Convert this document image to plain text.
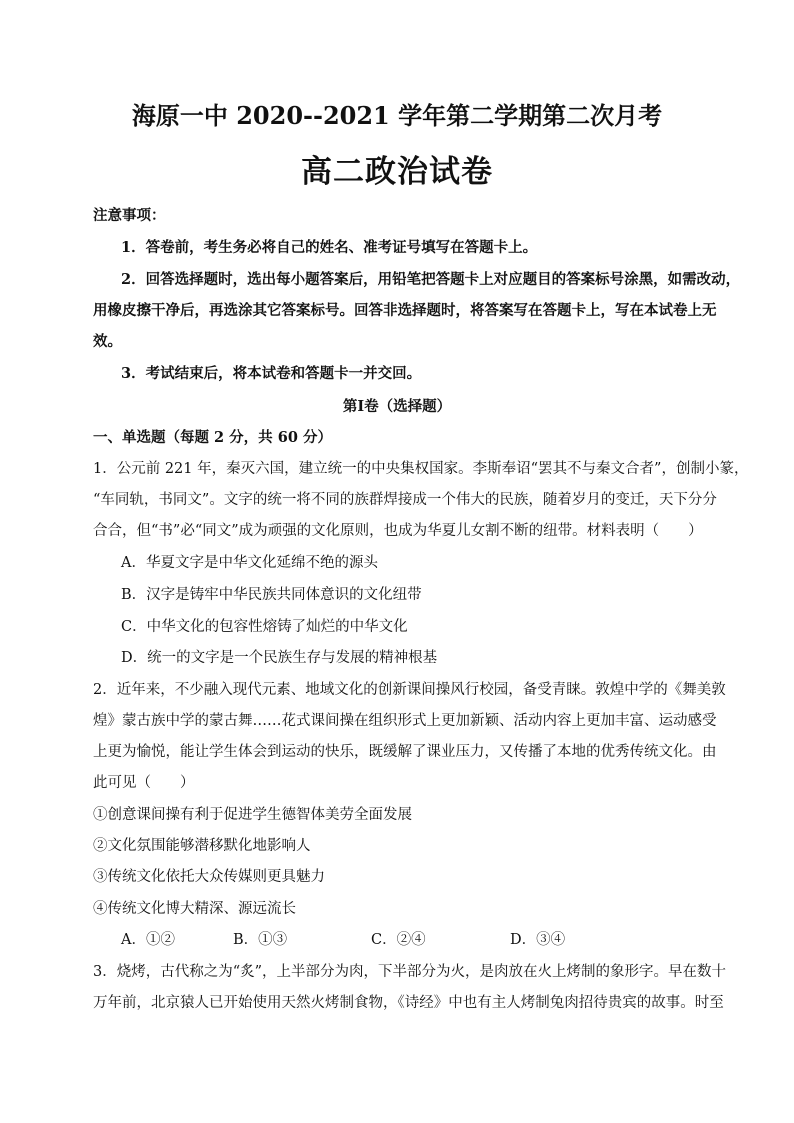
海原一中 2020--2021 学年第二学期第二次月考
高二政治试卷
注意事项：
1．答卷前，考生务必将自己的姓名、准考证号填写在答题卡上。
2．回答选择题时，选出每小题答案后，用铅笔把答题卡上对应题目的答案标号涂黑，如需改动，
用橡皮擦干净后，再选涂其它答案标号。回答非选择题时，将答案写在答题卡上，写在本试卷上无
效。
3．考试结束后，将本试卷和答题卡一并交回。
第I卷（选择题）
一、单选题（每题 2 分，共 60 分）
1．公元前 221 年，秦灭六国，建立统一的中央集权国家。李斯奉诏“罢其不与秦文合者”，创制小篆，
“车同轨，书同文”。文字的统一将不同的族群焊接成一个伟大的民族，随着岁月的变迁，天下分分
合合，但“书”必“同文”成为顽强的文化原则，也成为华夏儿女割不断的纽带。材料表明（　　）
A．华夏文字是中华文化延绵不绝的源头
B．汉字是铸牢中华民族共同体意识的文化纽带
C．中华文化的包容性熔铸了灿烂的中华文化
D．统一的文字是一个民族生存与发展的精神根基
2．近年来，不少融入现代元素、地域文化的创新课间操风行校园，备受青睐。敦煌中学的《舞美敦
煌》蒙古族中学的蒙古舞……花式课间操在组织形式上更加新颖、活动内容上更加丰富、运动感受
上更为愉悦，能让学生体会到运动的快乐，既缓解了课业压力，又传播了本地的优秀传统文化。由
此可见（　　）
①创意课间操有利于促进学生德智体美劳全面发展
②文化氛围能够潜移默化地影响人
③传统文化依托大众传媒则更具魅力
④传统文化博大精深、源远流长
A．①②	B．①③	C．②④	D．③④
3．烧烤，古代称之为“炙”，上半部分为肉，下半部分为火，是肉放在火上烤制的象形字。早在数十
万年前，北京猿人已开始使用天然火烤制食物，《诗经》中也有主人烤制兔肉招待贵宾的故事。时至
